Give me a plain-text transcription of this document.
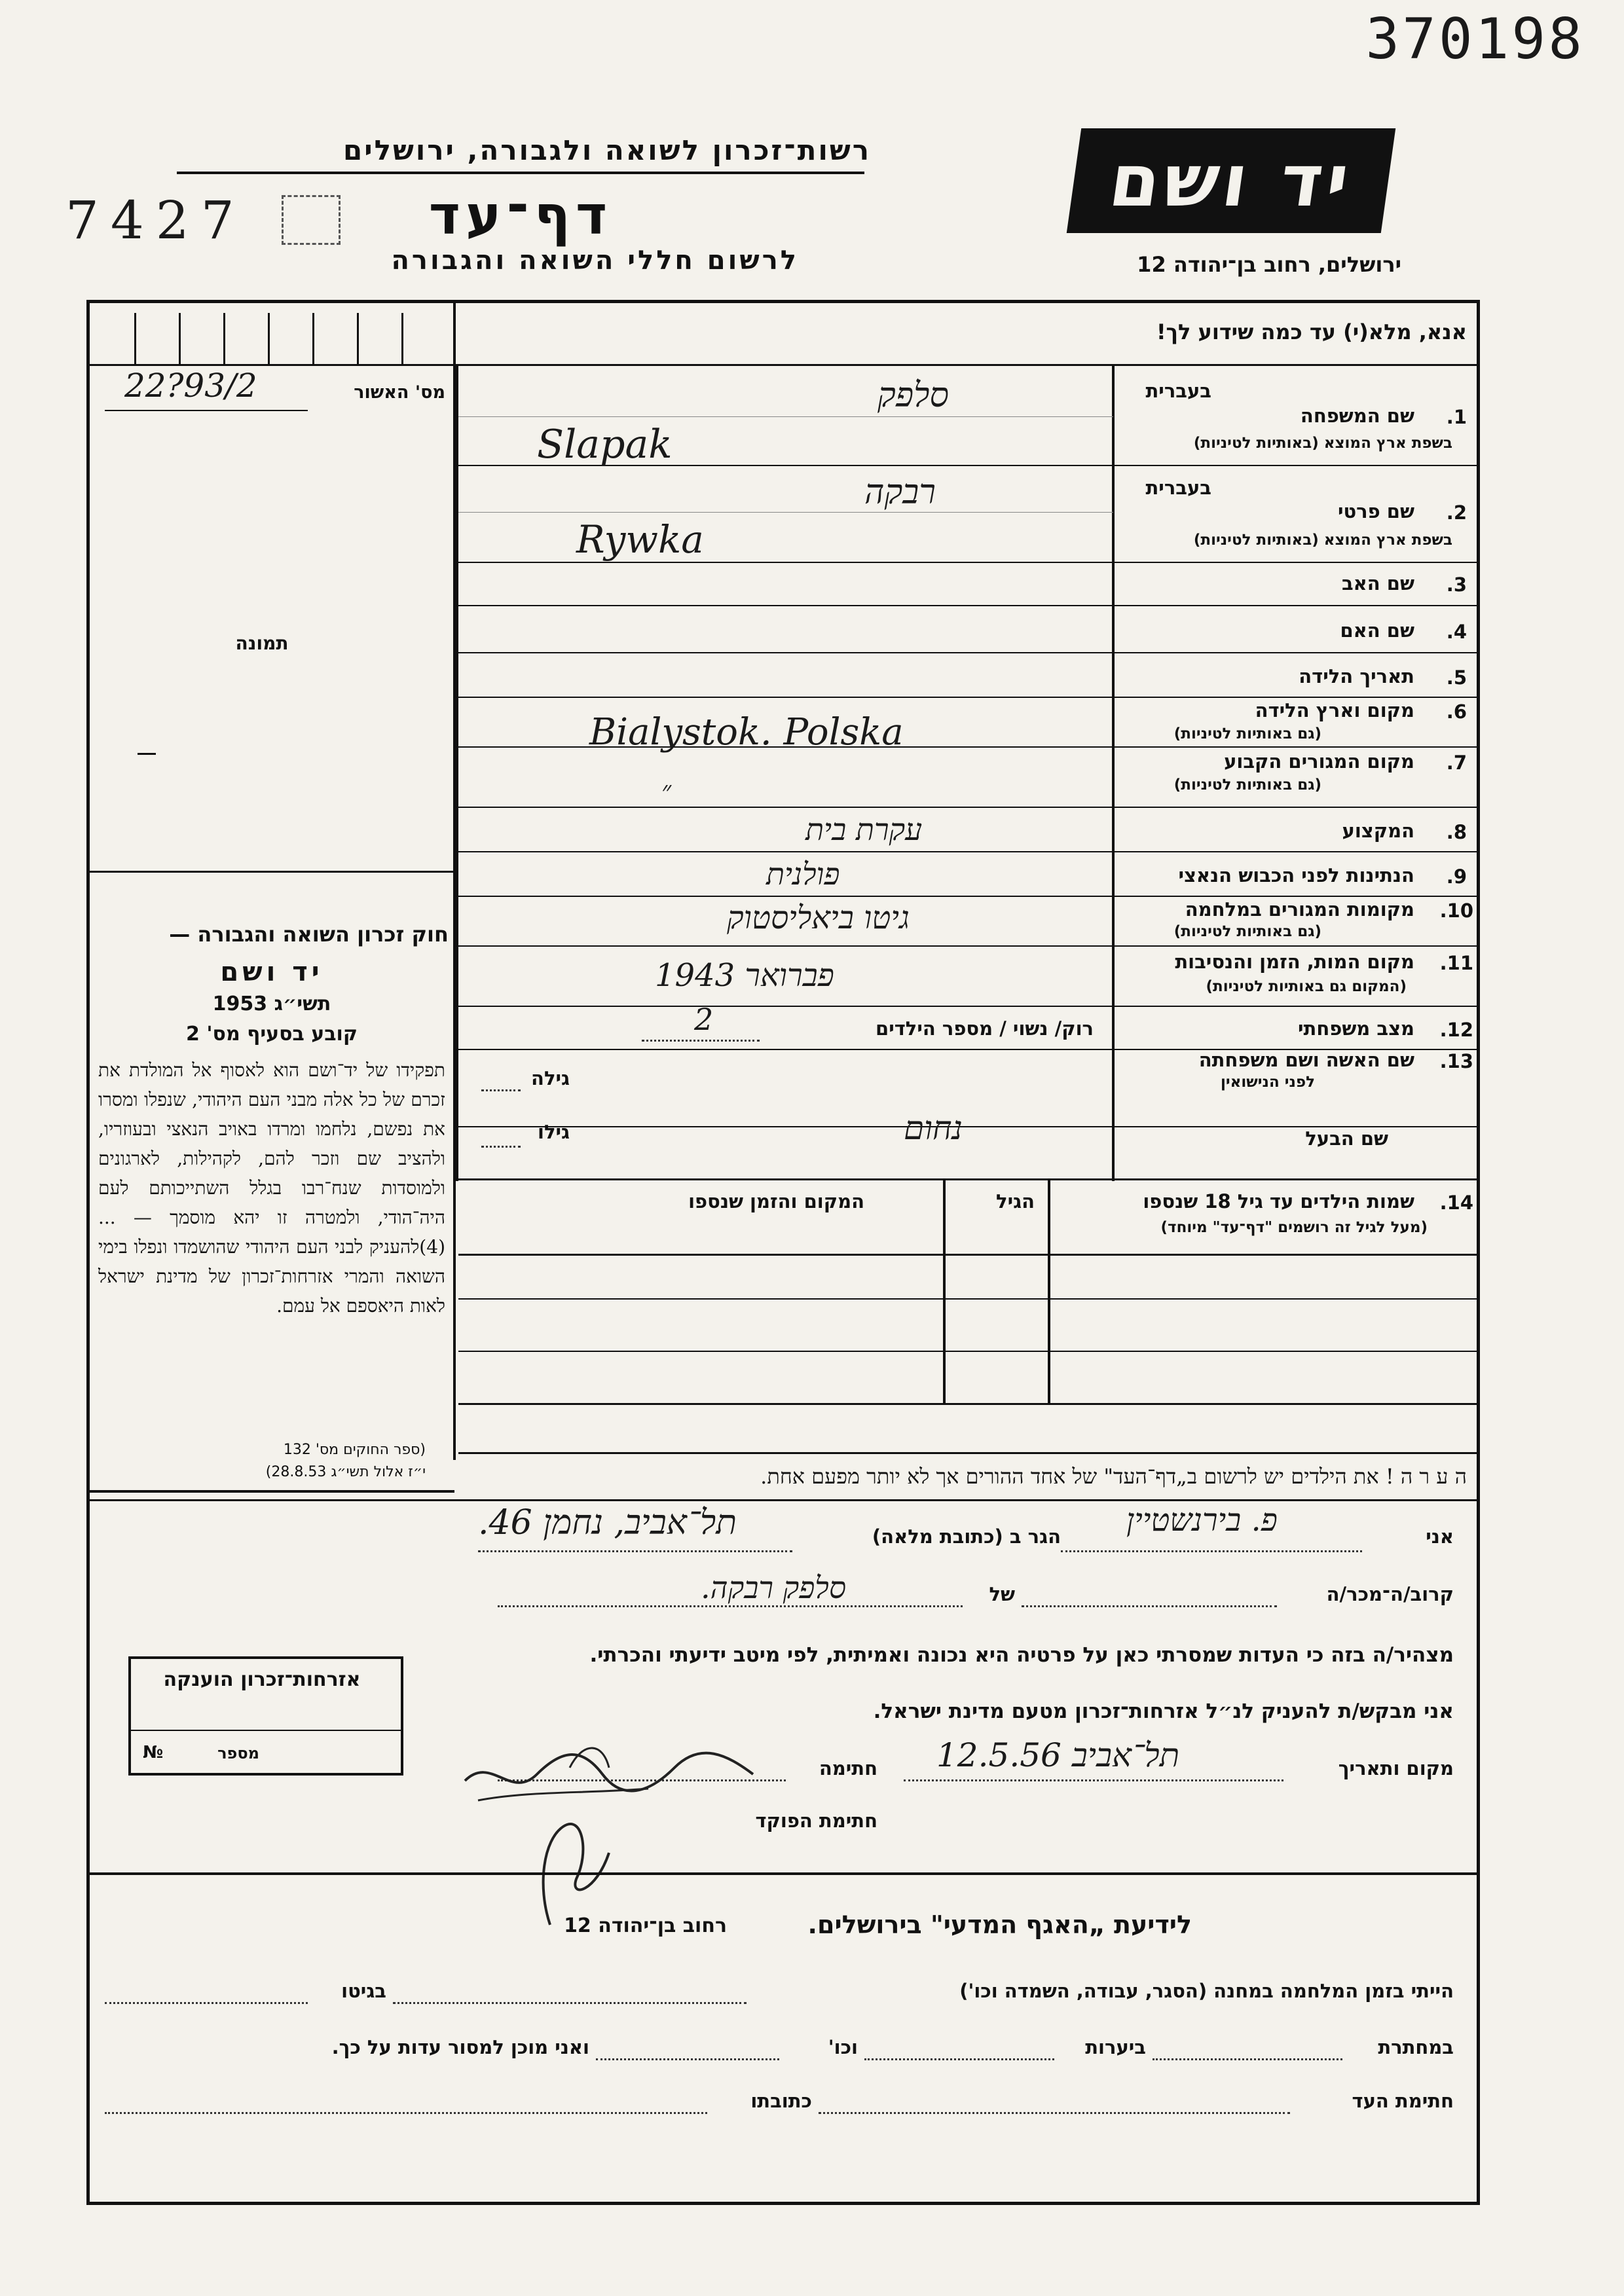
370198
יד ושם
ירושלים, רחוב בן־יהודה 12
רשות־זכרון לשואה ולגבורה, ירושלים
7427	דף־עד
לרשום חללי השואה והגבורה
אנא, מלא(י) עד כמה שידוע לך!
מס' האשור
22?93/2
תמונה
חוק זכרון השואה והגבורה —
יד ושם
תשי״ג 1953
קובע בסעיף מס' 2
תפקידו של יד־ושם הוא לאסוף אל המולדת את זכרם של כל אלה מבני העם היהודי, שנפלו ומסרו את נפשם, נלחמו ומרדו באויב הנאצי ובעוזריו, ולהציב שם וזכר להם, לקהילות, לארגונים ולמוסדות שנח־רבו בגלל השתייכותם לעם היה־הודי, ולמטרה זו יהא מוסמך — ...(4)להעניק לבני העם היהודי שהושמדו ונפלו בימי השואה והמרי אזרחות־זכרון של מדינת ישראל לאות היאספם אל עמם.
(ספר החוקים מס' 132
י״ז אלול תשי״ג 28.8.53)
בעברית
1.
שם המשפחה
בשפת ארץ המוצא (באותיות לטיניות)
סלפק
Slapak
בעברית
2.
שם פרטי
בשפת ארץ המוצא (באותיות לטיניות)
רבקה
Rywka
3.
שם האב
4.
שם האם
5.
תאריך הלידה
6.
מקום וארץ הלידה
(גם באותיות לטיניות)
Bialystok. Polska
7.
מקום המגורים הקבוע
(גם באותיות לטיניות)
״
8.
המקצוע
עקרת בית
9.
הנתינות לפני הכבוש הנאצי
פולנית
10.
מקומות המגורים במלחמה
(גם באותיות לטיניות)
גיטו ביאליסטוק
11.
מקום המות, הזמן והנסיבות
(המקום גם באותיות לטיניות)
פברואר 1943
12.
מצב משפחתי
רוק/ נשוי / מספר הילדים
2
13.
שם האשה ושם משפחתה
לפני הנישואין
גילה
שם הבעל
נחום
גילו
14.
שמות הילדים עד גיל 18 שנספו
(מעל לגיל זה רושמים "דף־עד" מיוחד)
הגיל
המקום והזמן שנספו
ה ע ר ה ! את הילדים יש לרשום ב„דף־העד" של אחד ההורים אך לא יותר מפעם אחת.
אני
פ. בירנשטיין
הגר ב (כתובת מלאה)
תל־אביב, נחמן 46.
קרוב/ה־מכר/ה
של
סלפק רבקה.
מצהיר/ה בזה כי העדות שמסרתי כאן על פרטיה היא נכונה ואמיתית, לפי מיטב ידיעתי והכרתי.
אני מבקש/ת להעניק לנ״ל אזרחות־זכרון מטעם מדינת ישראל.
מקום ותאריך
תל־אביב 12.5.56
חתימה
חתימת הפוקד
אזרחות־זכרון הוענקה
מספר
№
לידיעת „האגף המדעי" בירושלים.
רחוב בן־יהודה 12
הייתי בזמן המלחמה במחנה (הסגר, עבודה, השמדה וכו')
בגיטו
במחתרת
ביערות
וכו'
ואני מוכן למסור עדות על כך.
חתימת העד
כתובתו
